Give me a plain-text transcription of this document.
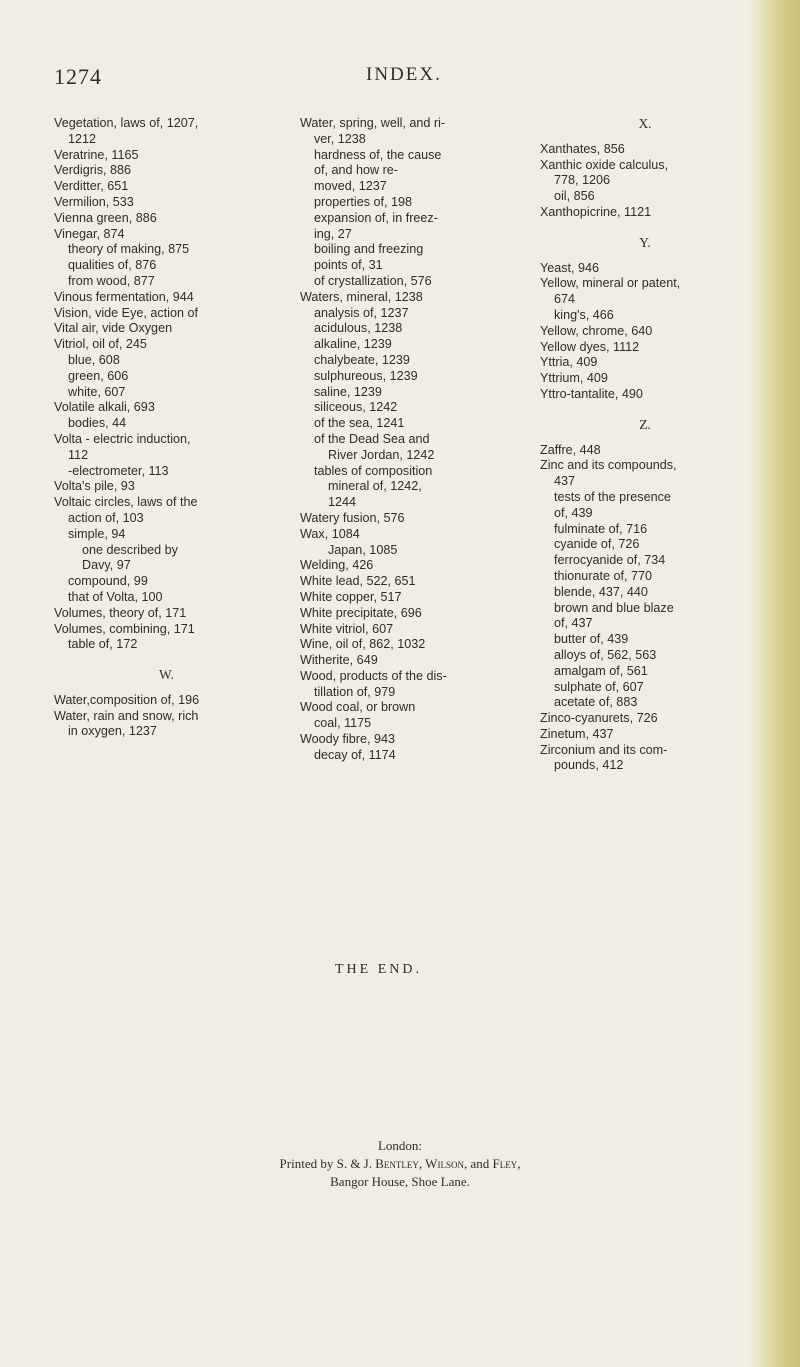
1274	INDEX.
Vegetation, laws of, 1207,
1212
Veratrine, 1165
Verdigris, 886
Verditter, 651
Vermilion, 533
Vienna green, 886
Vinegar, 874
theory of making, 875
qualities of, 876
from wood, 877
Vinous fermentation, 944
Vision, vide Eye, action of
Vital air, vide Oxygen
Vitriol, oil of, 245
blue, 608
green, 606
white, 607
Volatile alkali, 693
bodies, 44
Volta - electric induction,
112
-electrometer, 113
Volta's pile, 93
Voltaic circles, laws of the
action of, 103
simple, 94
one described by
Davy, 97
compound, 99
that of Volta, 100
Volumes, theory of, 171
Volumes, combining, 171
table of, 172
W.
Water,composition of, 196
Water, rain and snow, rich
in oxygen, 1237
Water, spring, well, and ri-
ver, 1238
hardness of, the cause
of, and how re-
moved, 1237
properties of, 198
expansion of, in freez-
ing, 27
boiling and freezing
points of, 31
of crystallization, 576
Waters, mineral, 1238
analysis of, 1237
acidulous, 1238
alkaline, 1239
chalybeate, 1239
sulphureous, 1239
saline, 1239
siliceous, 1242
of the sea, 1241
of the Dead Sea and
River Jordan, 1242
tables of composition
mineral of, 1242,
1244
Watery fusion, 576
Wax, 1084
Japan, 1085
Welding, 426
White lead, 522, 651
White copper, 517
White precipitate, 696
White vitriol, 607
Wine, oil of, 862, 1032
Witherite, 649
Wood, products of the dis-
tillation of, 979
Wood coal, or brown
coal, 1175
Woody fibre, 943
decay of, 1174
X.
Xanthates, 856
Xanthic oxide calculus,
778, 1206
oil, 856
Xanthopicrine, 1121
Y.
Yeast, 946
Yellow, mineral or patent,
674
king's, 466
Yellow, chrome, 640
Yellow dyes, 1112
Yttria, 409
Yttrium, 409
Yttro-tantalite, 490
Z.
Zaffre, 448
Zinc and its compounds,
437
tests of the presence
of, 439
fulminate of, 716
cyanide of, 726
ferrocyanide of, 734
thionurate of, 770
blende, 437, 440
brown and blue blaze
of, 437
butter of, 439
alloys of, 562, 563
amalgam of, 561
sulphate of, 607
acetate of, 883
Zinco-cyanurets, 726
Zinetum, 437
Zirconium and its com-
pounds, 412
THE END.
London:
Printed by S. & J. Bentley, Wilson, and Fley,
Bangor House, Shoe Lane.
